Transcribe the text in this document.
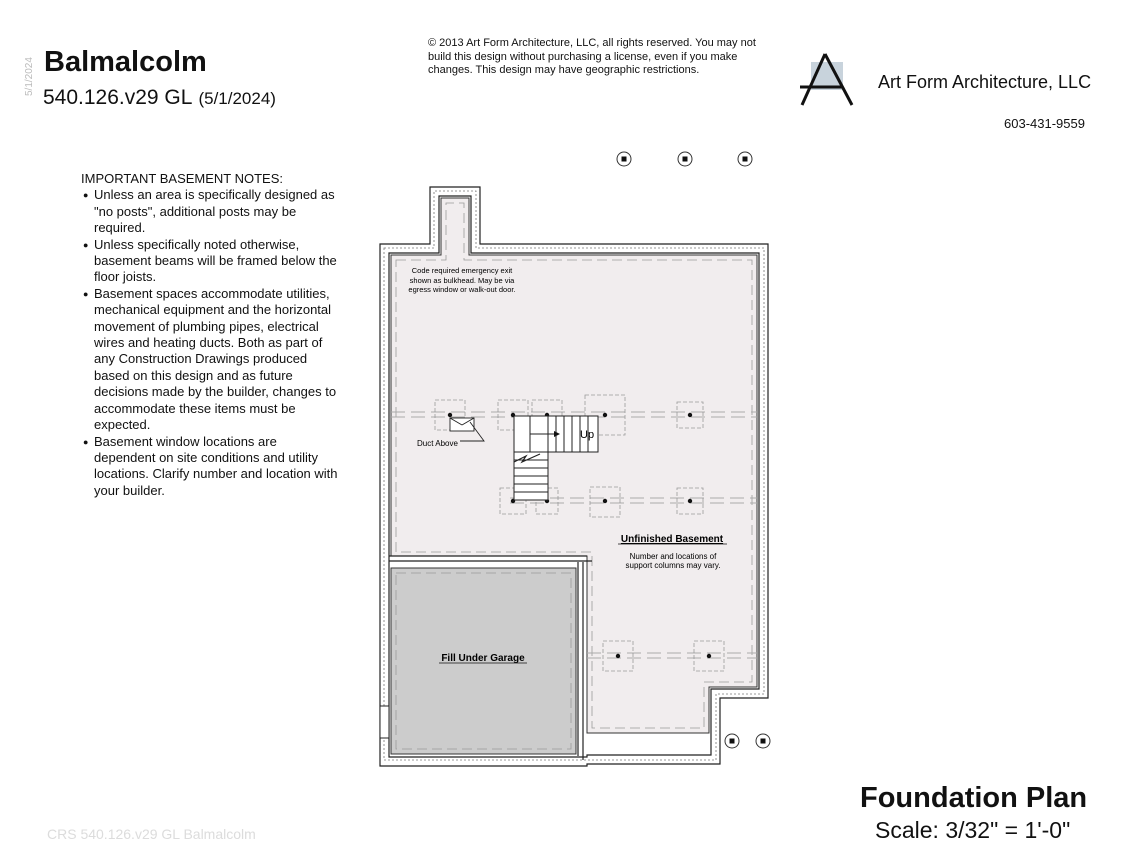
5/1/2024 Balmalcolm
540.126.v29 GL (5/1/2024)
© 2013 Art Form Architecture, LLC, all rights reserved. You may not build this design without purchasing a license, even if you make changes. This design may have geographic restrictions.
Art Form Architecture, LLC
603-431-9559
IMPORTANT BASEMENT NOTES:
● Unless an area is specifically designed as "no posts", additional posts may be required.
● Unless specifically noted otherwise, basement beams will be framed below the floor joists.
● Basement spaces accommodate utilities, mechanical equipment and the horizontal movement of plumbing pipes, electrical wires and heating ducts. Both as part of any Construction Drawings produced based on this design and as future decisions made by the builder, changes to accommodate these items must be expected.
● Basement window locations are dependent on site conditions and utility locations. Clarify number and location with your builder.
Code required emergency exit
shown as bulkhead. May be via
egress window or walk-out door.
Duct Above
Up
Unfinished Basement
Number and locations of
support columns may vary.
Fill Under Garage
Foundation Plan
Scale: 3/32" = 1'-0"
CRS 540.126.v29 GL Balmalcolm
